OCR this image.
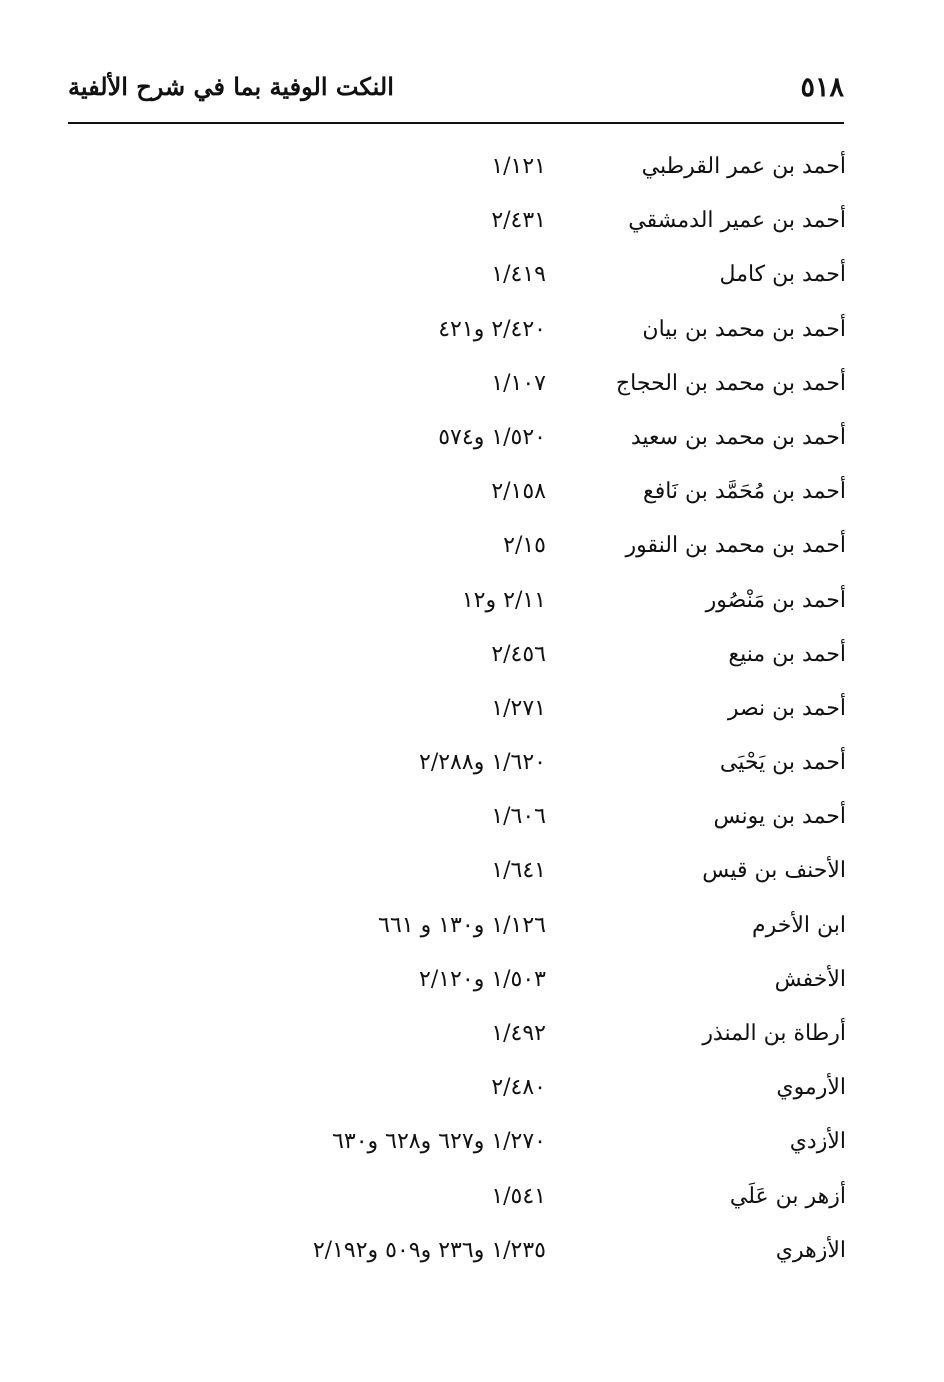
٥١٨
النكت الوفية بما في شرح الألفية
أحمد بن عمر القرطبي
١/١٢١
أحمد بن عمير الدمشقي
٢/٤٣١
أحمد بن كامل
١/٤١٩
أحمد بن محمد بن بيان
٢/٤٢٠ و٤٢١
أحمد بن محمد بن الحجاج
١/١٠٧
أحمد بن محمد بن سعيد
١/٥٢٠ و٥٧٤
أحمد بن مُحَمَّد بن نَافع
٢/١٥٨
أحمد بن محمد بن النقور
٢/١٥
أحمد بن مَنْصُور
٢/١١ و١٢
أحمد بن منيع
٢/٤٥٦
أحمد بن نصر
١/٢٧١
أحمد بن يَحْيَى
١/٦٢٠ و٢/٢٨٨
أحمد بن يونس
١/٦٠٦
الأحنف بن قيس
١/٦٤١
ابن الأخرم
١/١٢٦ و١٣٠ و ٦٦١
الأخفش
١/٥٠٣ و٢/١٢٠
أرطاة بن المنذر
١/٤٩٢
الأرموي
٢/٤٨٠
الأزدي
١/٢٧٠ و٦٢٧ و٦٢٨ و٦٣٠
أزهر بن عَلَي
١/٥٤١
الأزهري
١/٢٣٥ و٢٣٦ و٥٠٩ و٢/١٩٢
